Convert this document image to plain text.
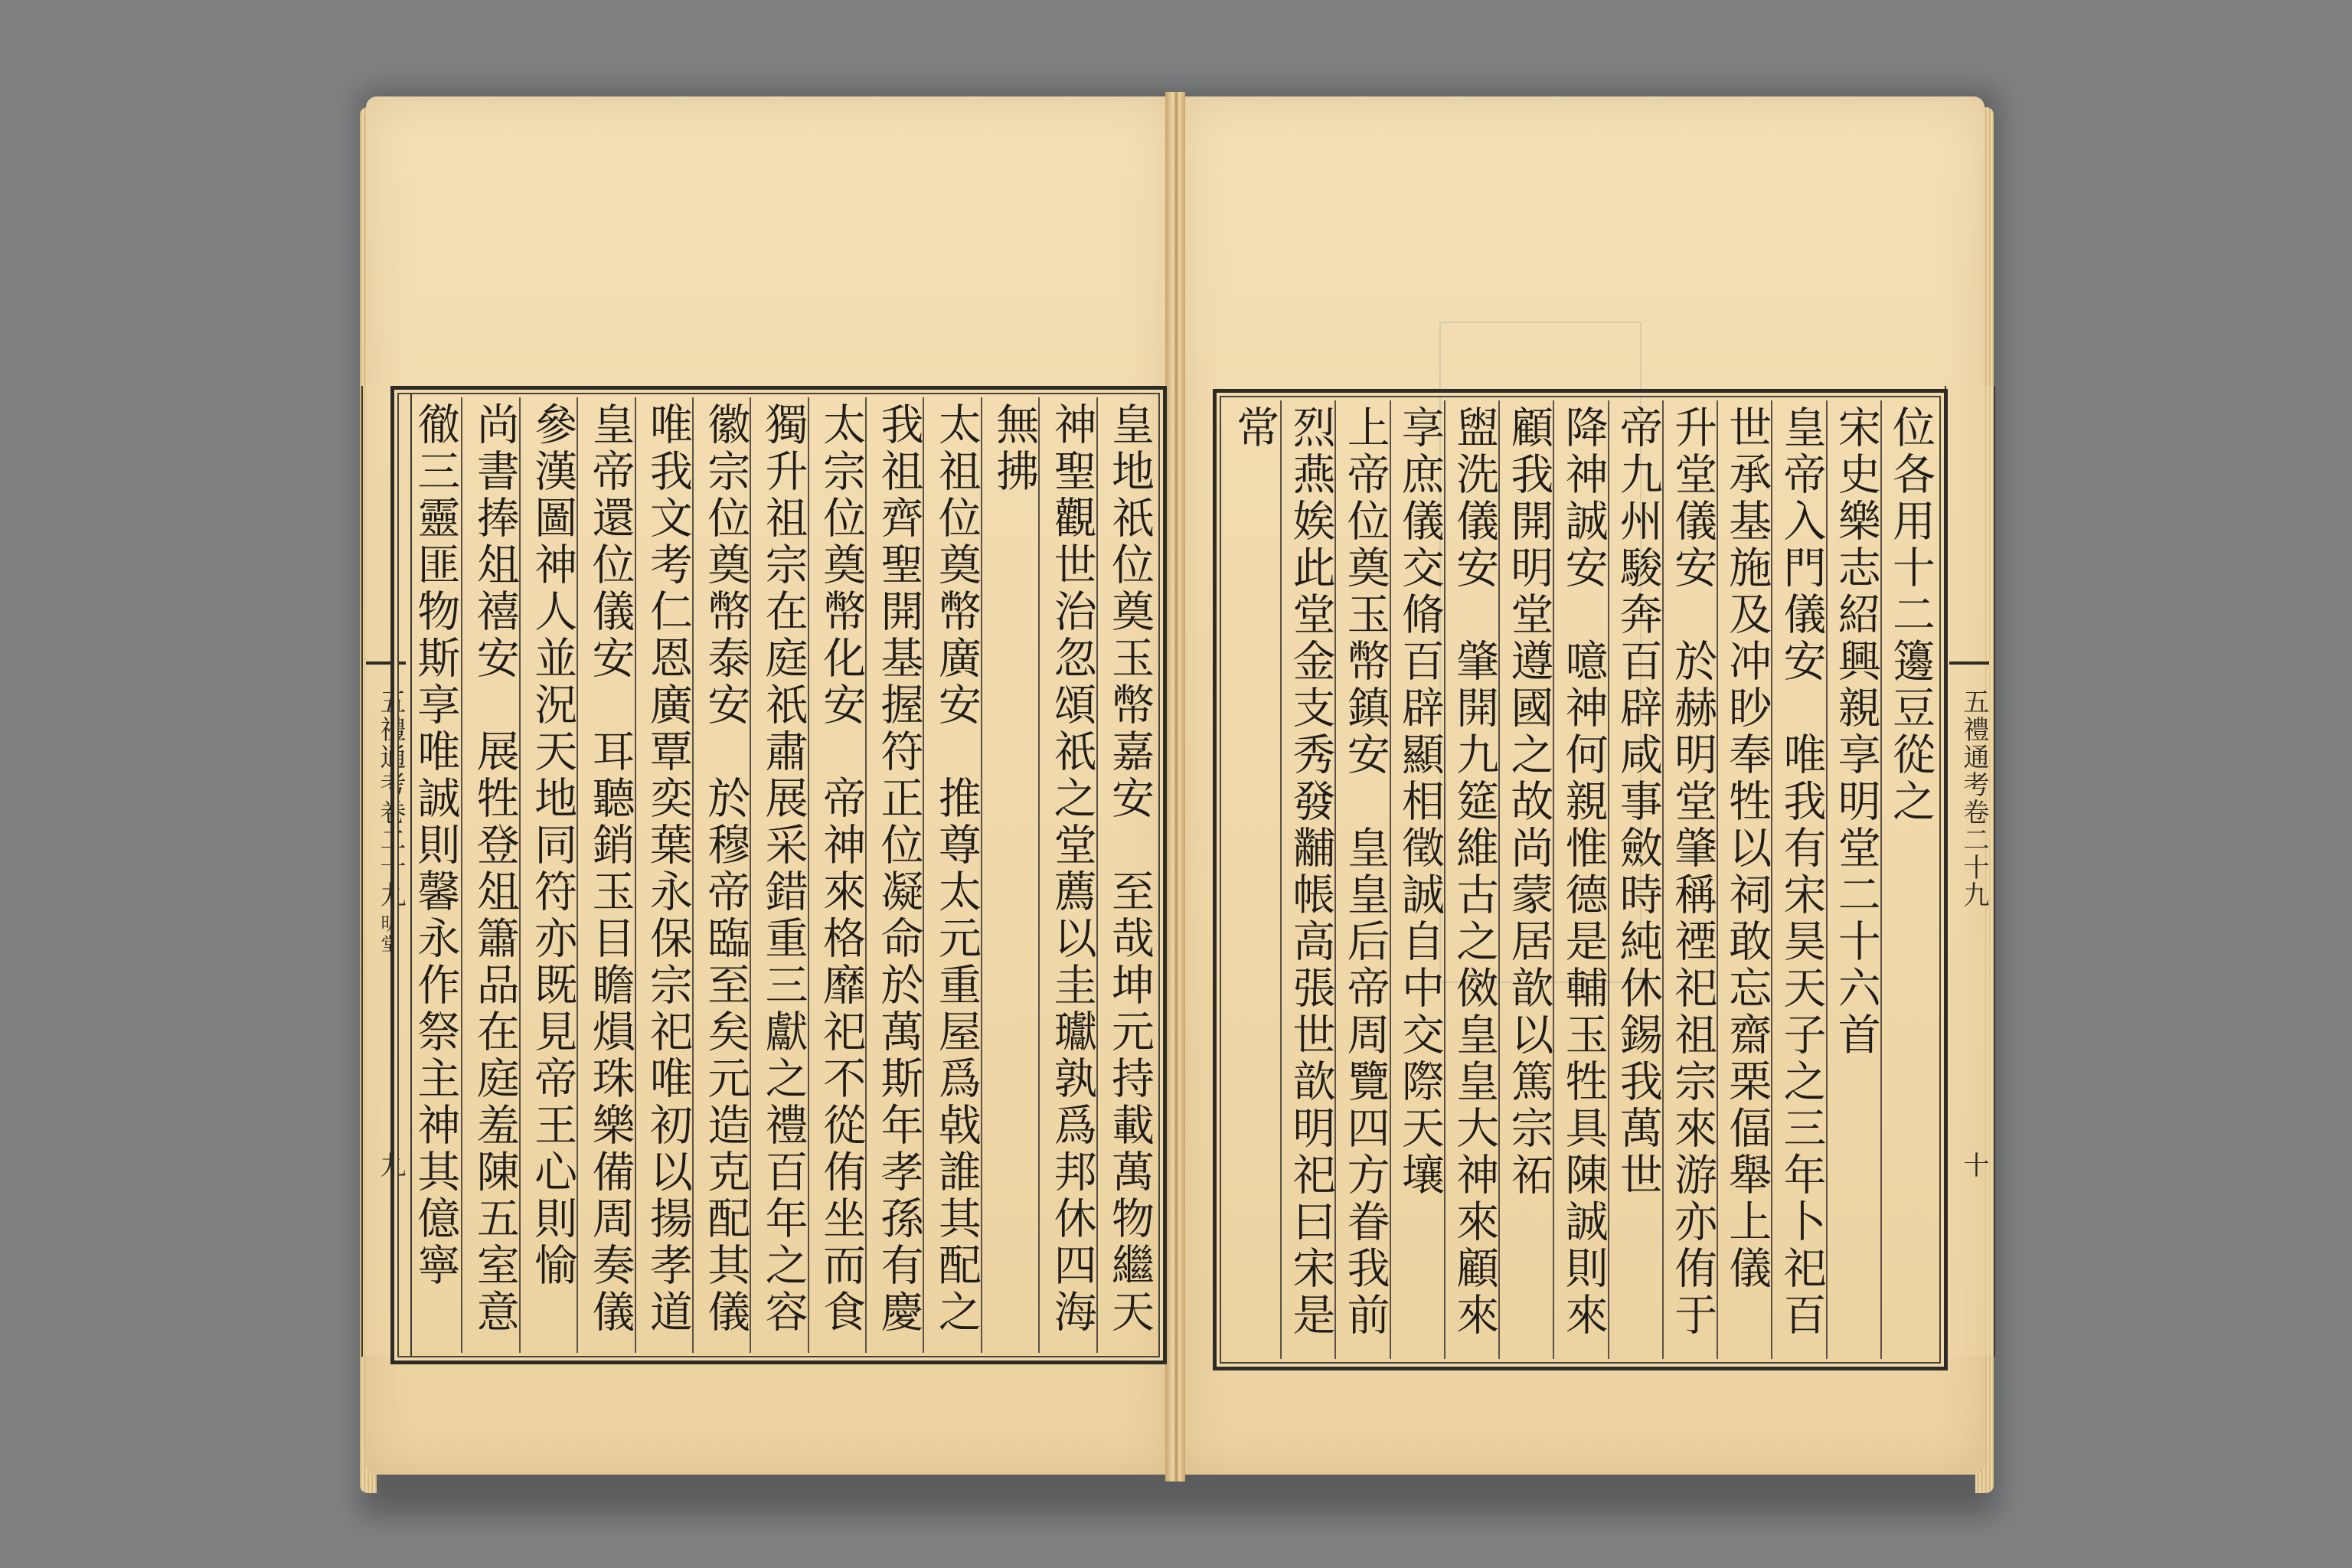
五禮通考卷二十九
明堂
九	皇地祇位奠玉幣嘉安　至哉坤元持載萬物繼天
神聖觀世治忽頌祇之堂薦以圭瓛孰爲邦休四海
無拂
太祖位奠幣廣安　推尊太元重屋爲㦸誰其配之
我祖齊聖開基握符正位凝命於萬斯年孝孫有慶
太宗位奠幣化安　帝神來格靡祀不從侑坐而食
獨升祖宗在庭祇肅展采錯重三獻之禮百年之容
徽宗位奠幣泰安　於穆帝臨至矣元造克配其儀
唯我文考仁恩廣覃奕葉永保宗祀唯初以揚孝道
皇帝還位儀安　耳聽銷玉目瞻熉珠樂備周奏儀
參漢圖神人並況天地同符亦既見帝王心則愉
尚書捧俎禧安　展牲登俎簫品在庭羞陳五室意
徹三靈匪物斯享唯誠則馨永作祭主神其億寧	五禮通考卷二十九
十
位各用十二籩豆從之
宋史樂志紹興親享明堂二十六首
皇帝入門儀安　唯我有宋昊天子之三年卜祀百
世承基施及冲眇奉牲以祠敢忘齋栗偪舉上儀
升堂儀安　於赫明堂肇稱禋祀祖宗來游亦侑于
帝九州駿奔百辟咸事斂時純休錫我萬世
降神誠安　噫神何親惟德是輔玉牲具陳誠則來
顧我開明堂遵國之故尚蒙居歆以篤宗祏
盥洗儀安　肇開九筵維古之傚皇皇大神來顧來
享庶儀交脩百辟顯相徵誠自中交際天壤
上帝位奠玉幣鎮安　皇皇后帝周覽四方眷我前
烈燕娭此堂金支秀發黼帳高張世歆明祀曰宋是
常
